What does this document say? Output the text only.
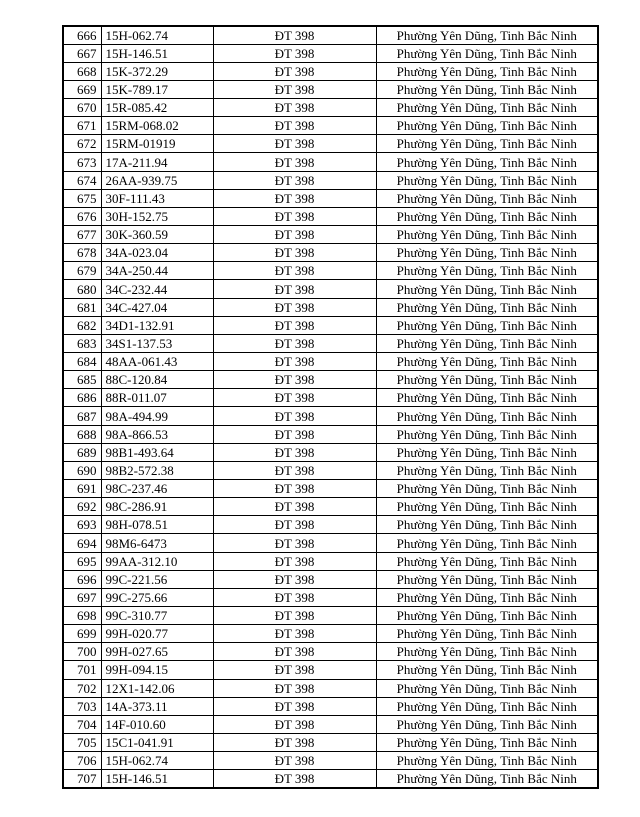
666	15H-062.74	ĐT 398	Phường Yên Dũng, Tinh Bắc Ninh
667	15H-146.51	ĐT 398	Phường Yên Dũng, Tinh Bắc Ninh
668	15K-372.29	ĐT 398	Phường Yên Dũng, Tinh Bắc Ninh
669	15K-789.17	ĐT 398	Phường Yên Dũng, Tinh Bắc Ninh
670	15R-085.42	ĐT 398	Phường Yên Dũng, Tinh Bắc Ninh
671	15RM-068.02	ĐT 398	Phường Yên Dũng, Tinh Bắc Ninh
672	15RM-01919	ĐT 398	Phường Yên Dũng, Tinh Bắc Ninh
673	17A-211.94	ĐT 398	Phường Yên Dũng, Tinh Bắc Ninh
674	26AA-939.75	ĐT 398	Phường Yên Dũng, Tinh Bắc Ninh
675	30F-111.43	ĐT 398	Phường Yên Dũng, Tinh Bắc Ninh
676	30H-152.75	ĐT 398	Phường Yên Dũng, Tinh Bắc Ninh
677	30K-360.59	ĐT 398	Phường Yên Dũng, Tinh Bắc Ninh
678	34A-023.04	ĐT 398	Phường Yên Dũng, Tinh Bắc Ninh
679	34A-250.44	ĐT 398	Phường Yên Dũng, Tinh Bắc Ninh
680	34C-232.44	ĐT 398	Phường Yên Dũng, Tinh Bắc Ninh
681	34C-427.04	ĐT 398	Phường Yên Dũng, Tinh Bắc Ninh
682	34D1-132.91	ĐT 398	Phường Yên Dũng, Tinh Bắc Ninh
683	34S1-137.53	ĐT 398	Phường Yên Dũng, Tinh Bắc Ninh
684	48AA-061.43	ĐT 398	Phường Yên Dũng, Tinh Bắc Ninh
685	88C-120.84	ĐT 398	Phường Yên Dũng, Tinh Bắc Ninh
686	88R-011.07	ĐT 398	Phường Yên Dũng, Tinh Bắc Ninh
687	98A-494.99	ĐT 398	Phường Yên Dũng, Tinh Bắc Ninh
688	98A-866.53	ĐT 398	Phường Yên Dũng, Tinh Bắc Ninh
689	98B1-493.64	ĐT 398	Phường Yên Dũng, Tinh Bắc Ninh
690	98B2-572.38	ĐT 398	Phường Yên Dũng, Tinh Bắc Ninh
691	98C-237.46	ĐT 398	Phường Yên Dũng, Tinh Bắc Ninh
692	98C-286.91	ĐT 398	Phường Yên Dũng, Tinh Bắc Ninh
693	98H-078.51	ĐT 398	Phường Yên Dũng, Tinh Bắc Ninh
694	98M6-6473	ĐT 398	Phường Yên Dũng, Tinh Bắc Ninh
695	99AA-312.10	ĐT 398	Phường Yên Dũng, Tinh Bắc Ninh
696	99C-221.56	ĐT 398	Phường Yên Dũng, Tinh Bắc Ninh
697	99C-275.66	ĐT 398	Phường Yên Dũng, Tinh Bắc Ninh
698	99C-310.77	ĐT 398	Phường Yên Dũng, Tinh Bắc Ninh
699	99H-020.77	ĐT 398	Phường Yên Dũng, Tinh Bắc Ninh
700	99H-027.65	ĐT 398	Phường Yên Dũng, Tinh Bắc Ninh
701	99H-094.15	ĐT 398	Phường Yên Dũng, Tinh Bắc Ninh
702	12X1-142.06	ĐT 398	Phường Yên Dũng, Tinh Bắc Ninh
703	14A-373.11	ĐT 398	Phường Yên Dũng, Tinh Bắc Ninh
704	14F-010.60	ĐT 398	Phường Yên Dũng, Tinh Bắc Ninh
705	15C1-041.91	ĐT 398	Phường Yên Dũng, Tinh Bắc Ninh
706	15H-062.74	ĐT 398	Phường Yên Dũng, Tinh Bắc Ninh
707	15H-146.51	ĐT 398	Phường Yên Dũng, Tinh Bắc Ninh
